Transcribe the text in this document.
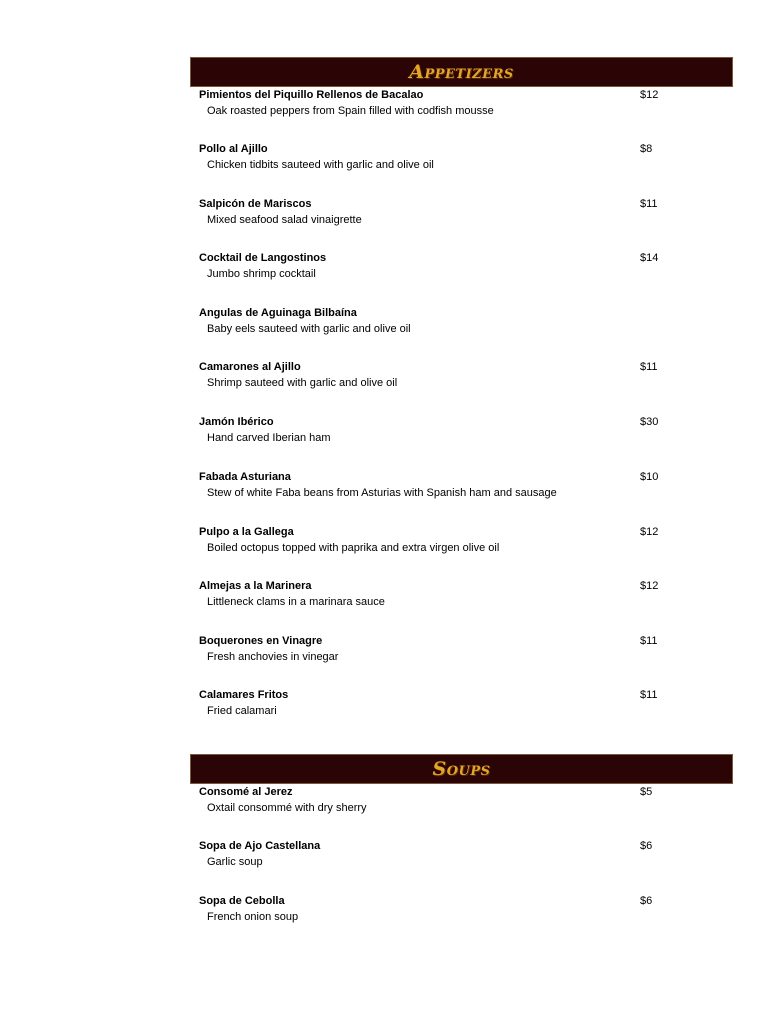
Appetizers
Pimientos del Piquillo Rellenos de Bacalao	$12
Oak roasted peppers from Spain filled with codfish mousse
Pollo al Ajillo	$8
Chicken tidbits sauteed with garlic and olive oil
Salpicón de Mariscos	$11
Mixed seafood salad vinaigrette
Cocktail de Langostinos	$14
Jumbo shrimp cocktail
Angulas de Aguinaga Bilbaína
Baby eels sauteed with garlic and olive oil
Camarones al Ajillo	$11
Shrimp sauteed with garlic and olive oil
Jamón Ibérico	$30
Hand carved Iberian ham
Fabada Asturiana	$10
Stew of white Faba beans from Asturias with Spanish ham and sausage
Pulpo a la Gallega	$12
Boiled octopus topped with paprika and extra virgen olive oil
Almejas a la Marinera	$12
Littleneck clams in a marinara sauce
Boquerones en Vinagre	$11
Fresh anchovies in vinegar
Calamares Fritos	$11
Fried calamari
Soups
Consomé al Jerez	$5
Oxtail consommé with dry sherry
Sopa de Ajo Castellana	$6
Garlic soup
Sopa de Cebolla	$6
French onion soup
